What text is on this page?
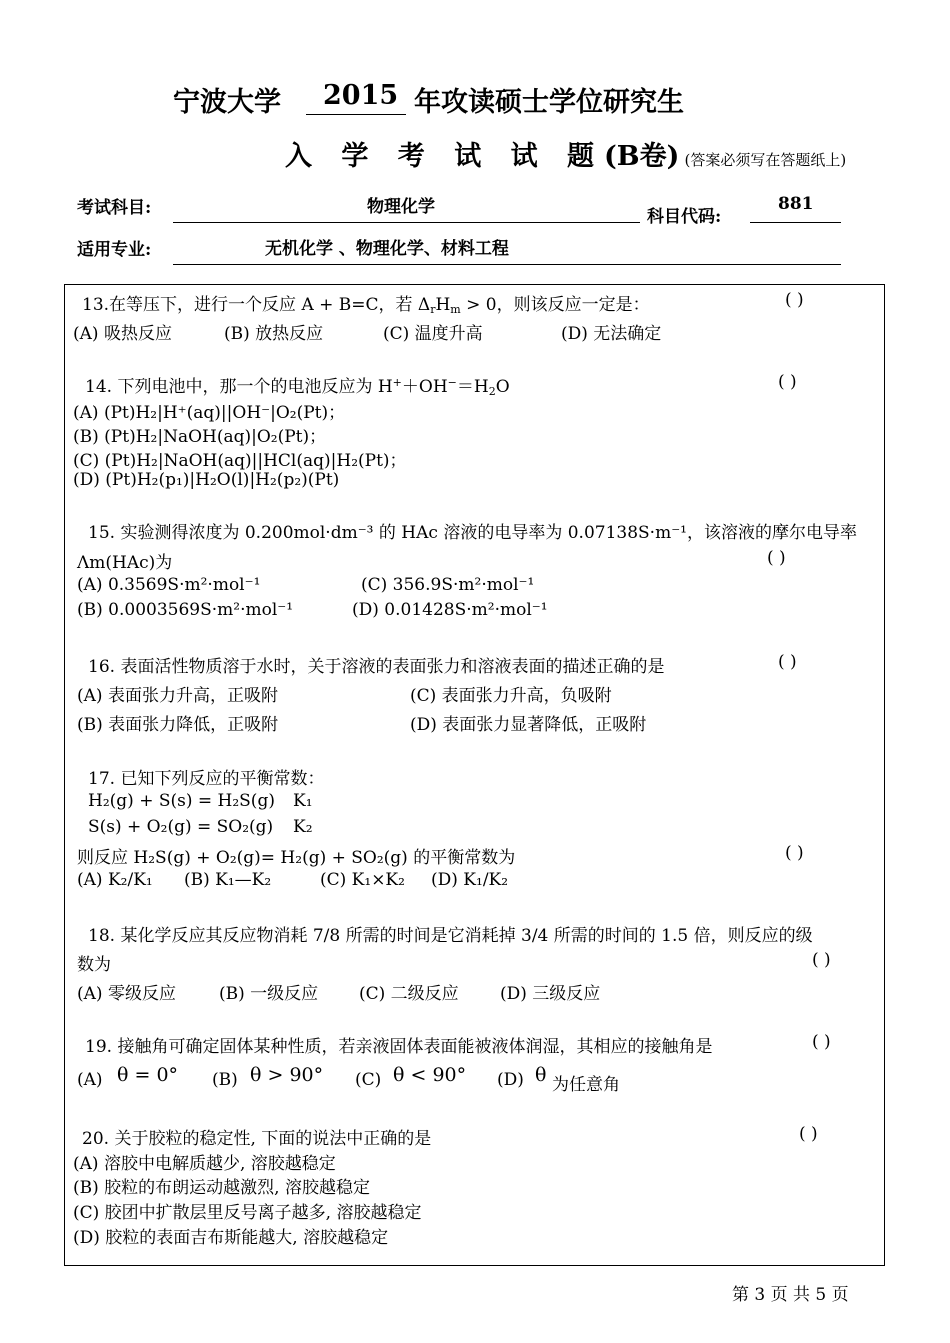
宁波大学 2015 年攻读硕士学位研究生
入 学 考 试 试 题(B卷) (答案必须写在答题纸上)
考试科目:	物理化学	科目代码:
881
适用专业:	无机化学 、物理化学、材料工程
13.在等压下，进行一个反应 A + B=C，若 $\Delta_rH_m > 0$，则该反应一定是：	( )
(A) 吸热反应	(B) 放热反应	(C) 温度升高	(D) 无法确定
14. 下列电池中，那一个的电池反应为 $H^++OH^-=H_2O$	( )
(A) (Pt)H₂|H⁺(aq)||OH⁻|O₂(Pt)；
(B) (Pt)H₂|NaOH(aq)|O₂(Pt)；
(C) (Pt)H₂|NaOH(aq)||HCl(aq)|H₂(Pt)；
(D) (Pt)H₂(p₁)|H₂O(l)|H₂(p₂)(Pt)
15. 实验测得浓度为 0.200mol·dm⁻³ 的 HAc 溶液的电导率为 0.07138S·m⁻¹，该溶液的摩尔电导率
Λm(HAc)为	( )
(A) 0.3569S·m²·mol⁻¹	(C) 356.9S·m²·mol⁻¹
(B) 0.0003569S·m²·mol⁻¹	(D) 0.01428S·m²·mol⁻¹
16. 表面活性物质溶于水时，关于溶液的表面张力和溶液表面的描述正确的是	( )
(A) 表面张力升高，正吸附	(C) 表面张力升高，负吸附
(B) 表面张力降低，正吸附	(D) 表面张力显著降低，正吸附
17. 已知下列反应的平衡常数：
H₂(g) + S(s) = H₂S(g) K₁
S(s) + O₂(g) = SO₂(g) K₂
则反应 H₂S(g) + O₂(g)= H₂(g) + SO₂(g) 的平衡常数为	( )
(A) K₂/K₁ (B) K₁—K₂	(C) K₁×K₂ (D) K₁/K₂
18. 某化学反应其反应物消耗 7/8 所需的时间是它消耗掉 3/4 所需的时间的 1.5 倍，则反应的级
数为	( )
(A) 零级反应	(B) 一级反应 (C) 二级反应 (D) 三级反应
19. 接触角可确定固体某种性质，若亲液固体表面能被液体润湿，其相应的接触角是	( )
(A) θ = 0° (B) θ > 90° (C) θ < 90° (D) θ 为任意角
20. 关于胶粒的稳定性, 下面的说法中正确的是	( )
(A) 溶胶中电解质越少, 溶胶越稳定
(B) 胶粒的布朗运动越激烈, 溶胶越稳定
(C) 胶团中扩散层里反号离子越多, 溶胶越稳定
(D) 胶粒的表面吉布斯能越大, 溶胶越稳定
第 3 页 共 5 页
